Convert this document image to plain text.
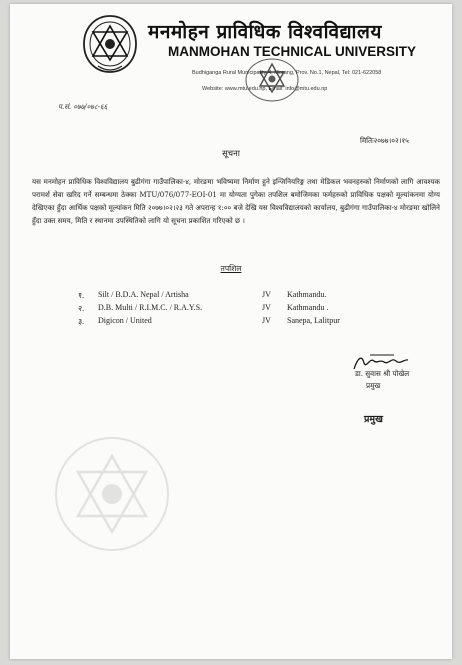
मनमोहन प्राविधिक विश्वविद्यालय
MANMOHAN TECHNICAL UNIVERSITY
Budhiganga Rural Municipality-4, Morang, Prov. No.1, Nepal, Tel: 021-622058
Website: www.mtu.edu.np, Email: info@mtu.edu.np
प.सं. ०७७/०७८-६६
मितिः२०७७।०२।१५
सूचना
यस मनमोहन प्राविधिक विश्वविद्यालय बुढीगंगा गाउँपालिका-४, मोरङमा भविष्यमा निर्माण हुने इन्जिनियरिङ्ग तथा मेडिकल भवनहरुको निर्माणको लागि आवश्यक परामर्श सेवा खरिद गर्ने सम्बन्धमा ठेक्का MTU/076/077-EOI-01 मा योग्यता पुगेका तपशिल बमोजिमका फर्महरुको प्राविधिक पक्षको मूल्यांकनमा योग्य देखिएका हुँदा आर्थिक पक्षको मूल्यांकन मिति २०७७।०२।२३ गते अपरान्ह १:०० बजे देखि यस विश्वविद्यालयको कार्यालय, बुढीगंगा गाउँपालिका-४ मोरङमा खोलिने हुँदा उक्त समय, मिति र स्थानमा उपस्थितिको लागि यो सूचना प्रकाशित गरिएको छ ।
तपशिल
१. Silt / B.D.A. Nepal / Artisha	JV Kathmandu.
२. D.B. Multi / R.I.M.C. / R.A.Y.S.	JV Kathmandu .
३. Digicon / United	JV Sanepa, Lalitpur
डा. सुवास श्री पोखेल
प्रमुख
प्रमुख
